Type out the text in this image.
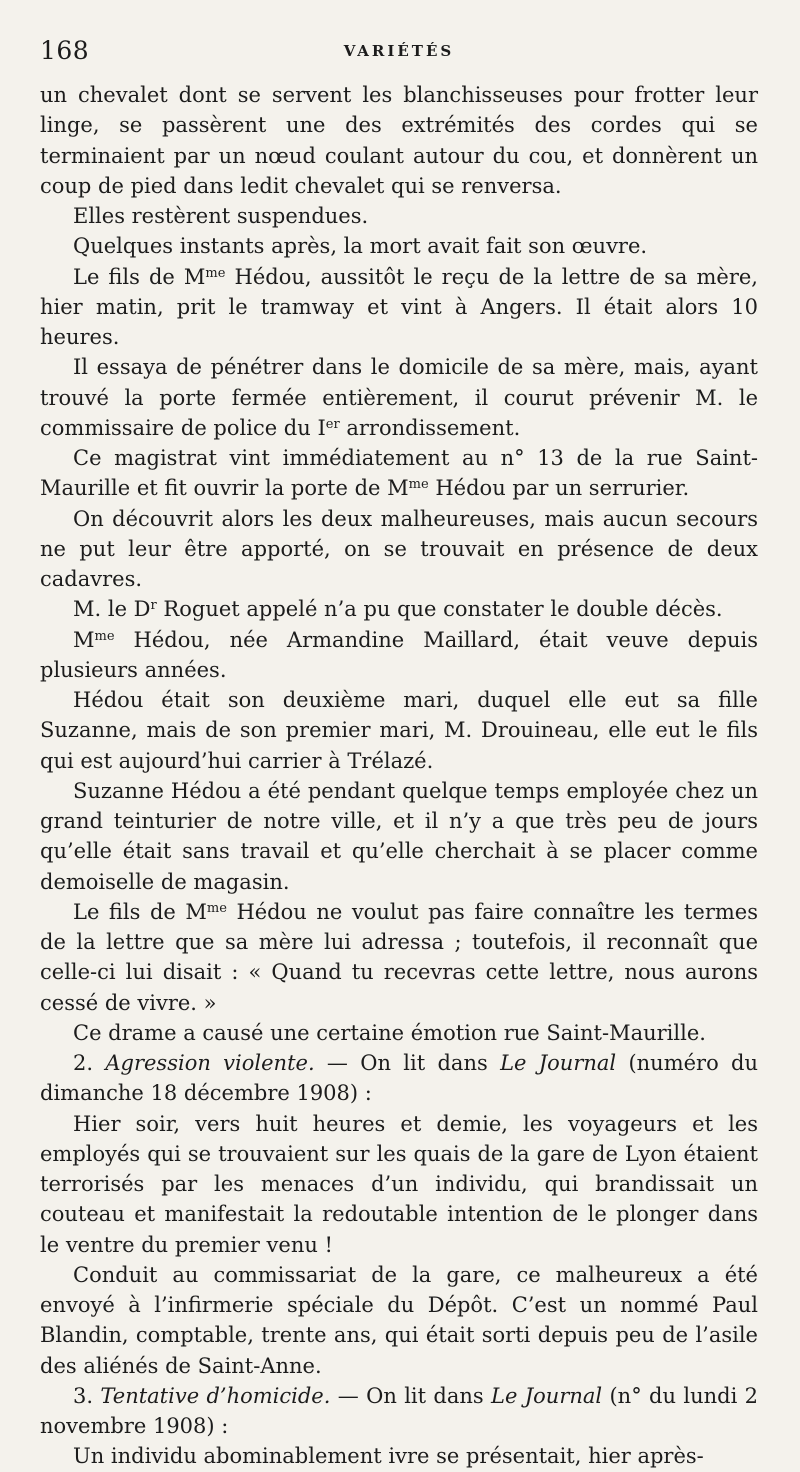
168	VARIÉTÉS

un chevalet dont se servent les blanchisseuses pour frotter leur linge, se passèrent une des extrémités des cordes qui se terminaient par un nœud coulant autour du cou, et donnèrent un coup de pied dans ledit chevalet qui se renversa.

Elles restèrent suspendues.

Quelques instants après, la mort avait fait son œuvre.

Le fils de $M^{me}$ Hédou, aussitôt le reçu de la lettre de sa mère, hier matin, prit le tramway et vint à Angers. Il était alors 10 heures.

Il essaya de pénétrer dans le domicile de sa mère, mais, ayant trouvé la porte fermée entièrement, il courut prévenir M. le commissaire de police du Ier arrondissement.

Ce magistrat vint immédiatement au n° 13 de la rue Saint-Maurille et fit ouvrir la porte de $M^{me}$ Hédou par un serrurier.

On découvrit alors les deux malheureuses, mais aucun secours ne put leur être apporté, on se trouvait en présence de deux cadavres.

M. le $D^r$ Roguet appelé n’a pu que constater le double décès.

$M^{me}$ Hédou, née Armandine Maillard, était veuve depuis plusieurs années.

Hédou était son deuxième mari, duquel elle eut sa fille Suzanne, mais de son premier mari, M. Drouineau, elle eut le fils qui est aujourd’hui carrier à Trélazé.

Suzanne Hédou a été pendant quelque temps employée chez un grand teinturier de notre ville, et il n’y a que très peu de jours qu’elle était sans travail et qu’elle cherchait à se placer comme demoiselle de magasin.

Le fils de $M^{me}$ Hédou ne voulut pas faire connaître les termes de la lettre que sa mère lui adressa ; toutefois, il reconnaît que celle-ci lui disait : « Quand tu recevras cette lettre, nous aurons cessé de vivre. »

Ce drame a causé une certaine émotion rue Saint-Maurille.

2. Agression violente. — On lit dans Le Journal (numéro du dimanche 18 décembre 1908) :

Hier soir, vers huit heures et demie, les voyageurs et les employés qui se trouvaient sur les quais de la gare de Lyon étaient terrorisés par les menaces d’un individu, qui brandissait un couteau et manifestait la redoutable intention de le plonger dans le ventre du premier venu !

Conduit au commissariat de la gare, ce malheureux a été envoyé à l’infirmerie spéciale du Dépôt. C’est un nommé Paul Blandin, comptable, trente ans, qui était sorti depuis peu de l’asile des aliénés de Saint-Anne.

3. Tentative d’homicide. — On lit dans Le Journal (n° du lundi 2 novembre 1908) :

Un individu abominablement ivre se présentait, hier après-
